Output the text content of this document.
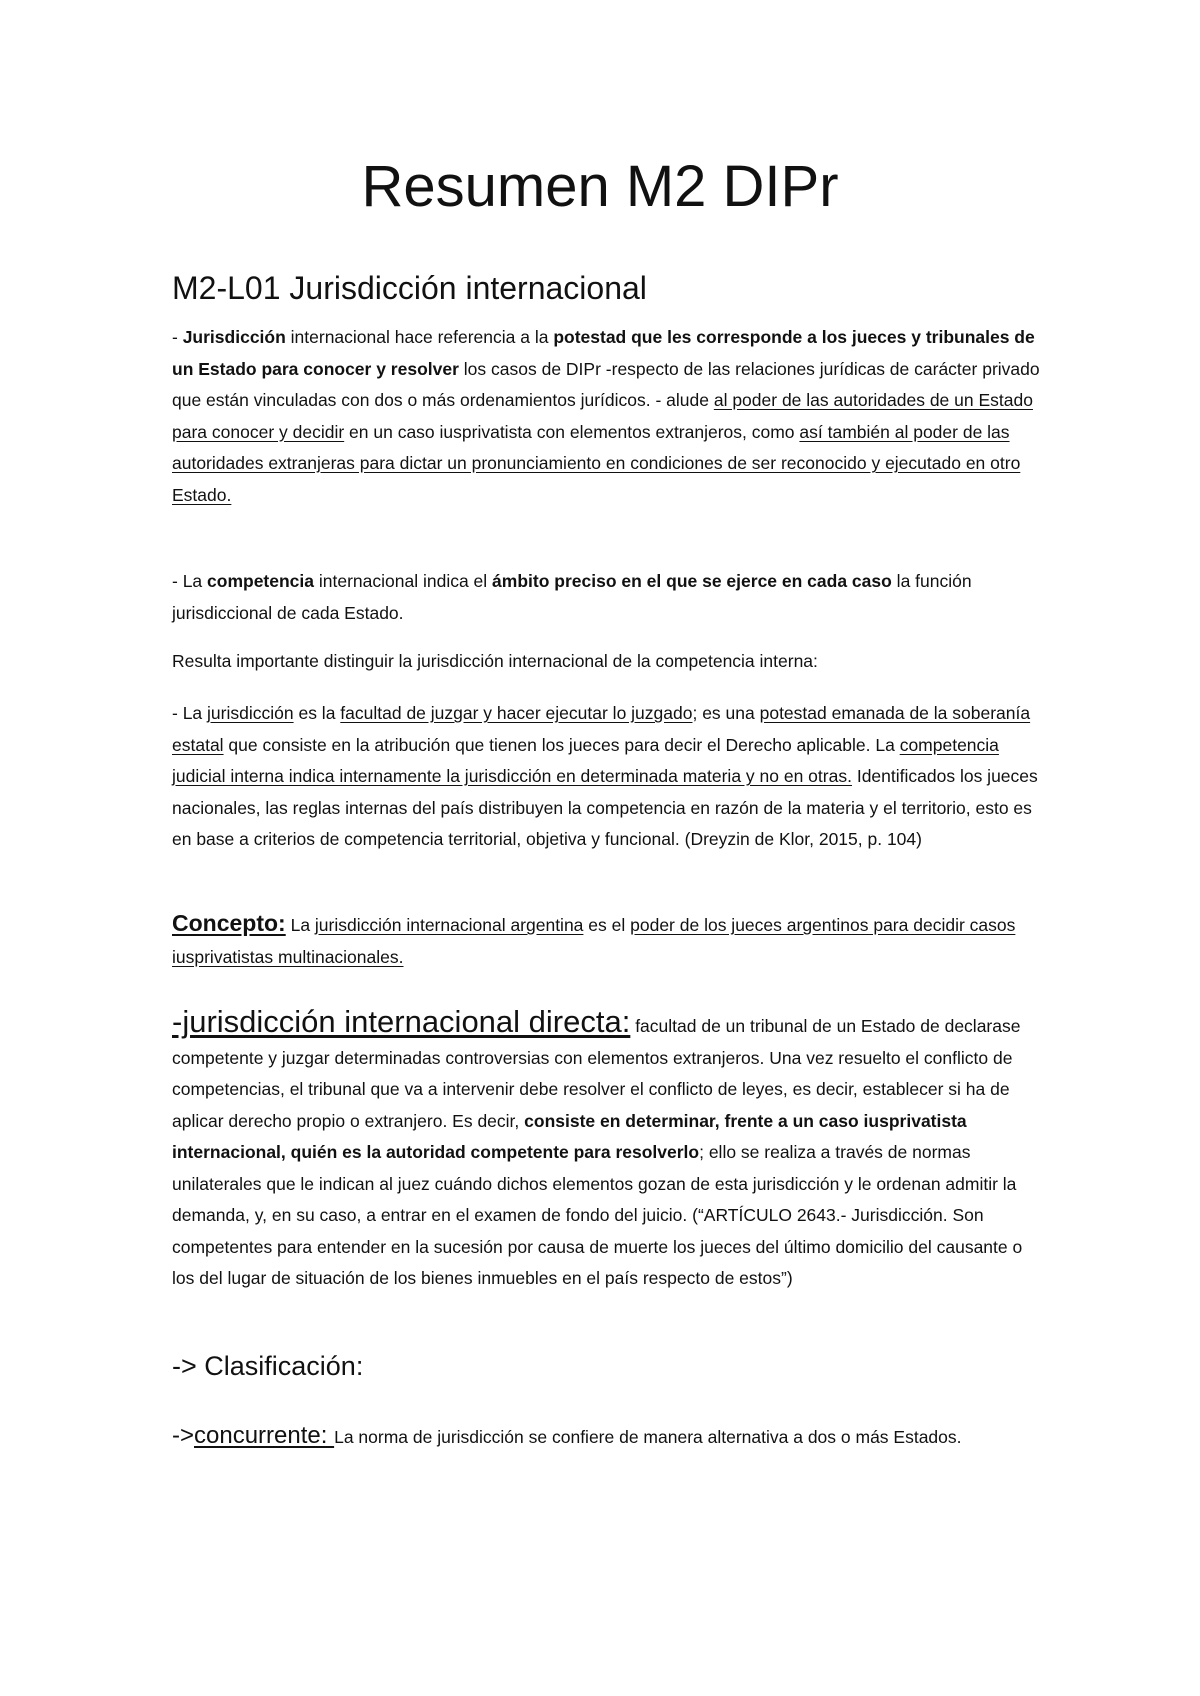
Resumen M2 DIPr
M2-L01 Jurisdicción internacional

- Jurisdicción internacional hace referencia a la potestad que les corresponde a los jueces y tribunales de un Estado para conocer y resolver los casos de DIPr -respecto de las relaciones jurídicas de carácter privado que están vinculadas con dos o más ordenamientos jurídicos. - alude al poder de las autoridades de un Estado para conocer y decidir en un caso iusprivatista con elementos extranjeros, como así también al poder de las autoridades extranjeras para dictar un pronunciamiento en condiciones de ser reconocido y ejecutado en otro Estado.

- La competencia internacional indica el ámbito preciso en el que se ejerce en cada caso la función jurisdiccional de cada Estado.

Resulta importante distinguir la jurisdicción internacional de la competencia interna:

- La jurisdicción es la facultad de juzgar y hacer ejecutar lo juzgado; es una potestad emanada de la soberanía estatal que consiste en la atribución que tienen los jueces para decir el Derecho aplicable. La competencia judicial interna indica internamente la jurisdicción en determinada materia y no en otras. Identificados los jueces nacionales, las reglas internas del país distribuyen la competencia en razón de la materia y el territorio, esto es en base a criterios de competencia territorial, objetiva y funcional. (Dreyzin de Klor, 2015, p. 104)

Concepto: La jurisdicción internacional argentina es el poder de los jueces argentinos para decidir casos iusprivatistas multinacionales.

-jurisdicción internacional directa: facultad de un tribunal de un Estado de declarase competente y juzgar determinadas controversias con elementos extranjeros. Una vez resuelto el conflicto de competencias, el tribunal que va a intervenir debe resolver el conflicto de leyes, es decir, establecer si ha de aplicar derecho propio o extranjero. Es decir, consiste en determinar, frente a un caso iusprivatista internacional, quién es la autoridad competente para resolverlo; ello se realiza a través de normas unilaterales que le indican al juez cuándo dichos elementos gozan de esta jurisdicción y le ordenan admitir la demanda, y, en su caso, a entrar en el examen de fondo del juicio. (“ARTÍCULO 2643.- Jurisdicción. Son competentes para entender en la sucesión por causa de muerte los jueces del último domicilio del causante o los del lugar de situación de los bienes inmuebles en el país respecto de estos”)

-> Clasificación:

->concurrente: La norma de jurisdicción se confiere de manera alternativa a dos o más Estados.
